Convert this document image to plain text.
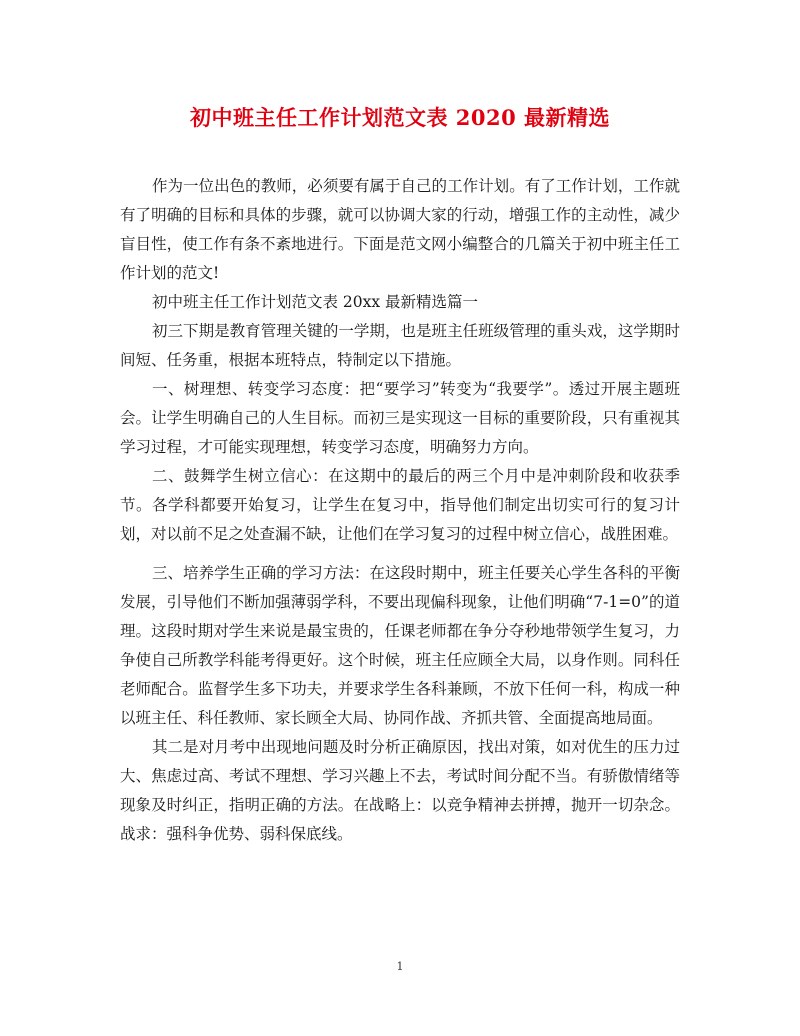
初中班主任工作计划范文表 2020 最新精选

作为一位出色的教师，必须要有属于自己的工作计划。有了工作计划，工作就有了明确的目标和具体的步骤，就可以协调大家的行动，增强工作的主动性，减少盲目性，使工作有条不紊地进行。下面是范文网小编整合的几篇关于初中班主任工作计划的范文!

初中班主任工作计划范文表 20xx 最新精选篇一

初三下期是教育管理关键的一学期，也是班主任班级管理的重头戏，这学期时间短、任务重，根据本班特点，特制定以下措施。

一、树理想、转变学习态度：把“要学习”转变为“我要学”。透过开展主题班会。让学生明确自己的人生目标。而初三是实现这一目标的重要阶段，只有重视其学习过程，才可能实现理想，转变学习态度，明确努力方向。

二、鼓舞学生树立信心：在这期中的最后的两三个月中是冲刺阶段和收获季节。各学科都要开始复习，让学生在复习中，指导他们制定出切实可行的复习计划，对以前不足之处查漏不缺，让他们在学习复习的过程中树立信心，战胜困难。

三、培养学生正确的学习方法：在这段时期中，班主任要关心学生各科的平衡发展，引导他们不断加强薄弱学科，不要出现偏科现象，让他们明确“7-1=0”的道理。这段时期对学生来说是最宝贵的，任课老师都在争分夺秒地带领学生复习，力争使自己所教学科能考得更好。这个时候，班主任应顾全大局，以身作则。同科任老师配合。监督学生多下功夫，并要求学生各科兼顾，不放下任何一科，构成一种以班主任、科任教师、家长顾全大局、协同作战、齐抓共管、全面提高地局面。

其二是对月考中出现地问题及时分析正确原因，找出对策，如对优生的压力过大、焦虑过高、考试不理想、学习兴趣上不去，考试时间分配不当。有骄傲情绪等现象及时纠正，指明正确的方法。在战略上：以竞争精神去拼搏，抛开一切杂念。战求：强科争优势、弱科保底线。

1
